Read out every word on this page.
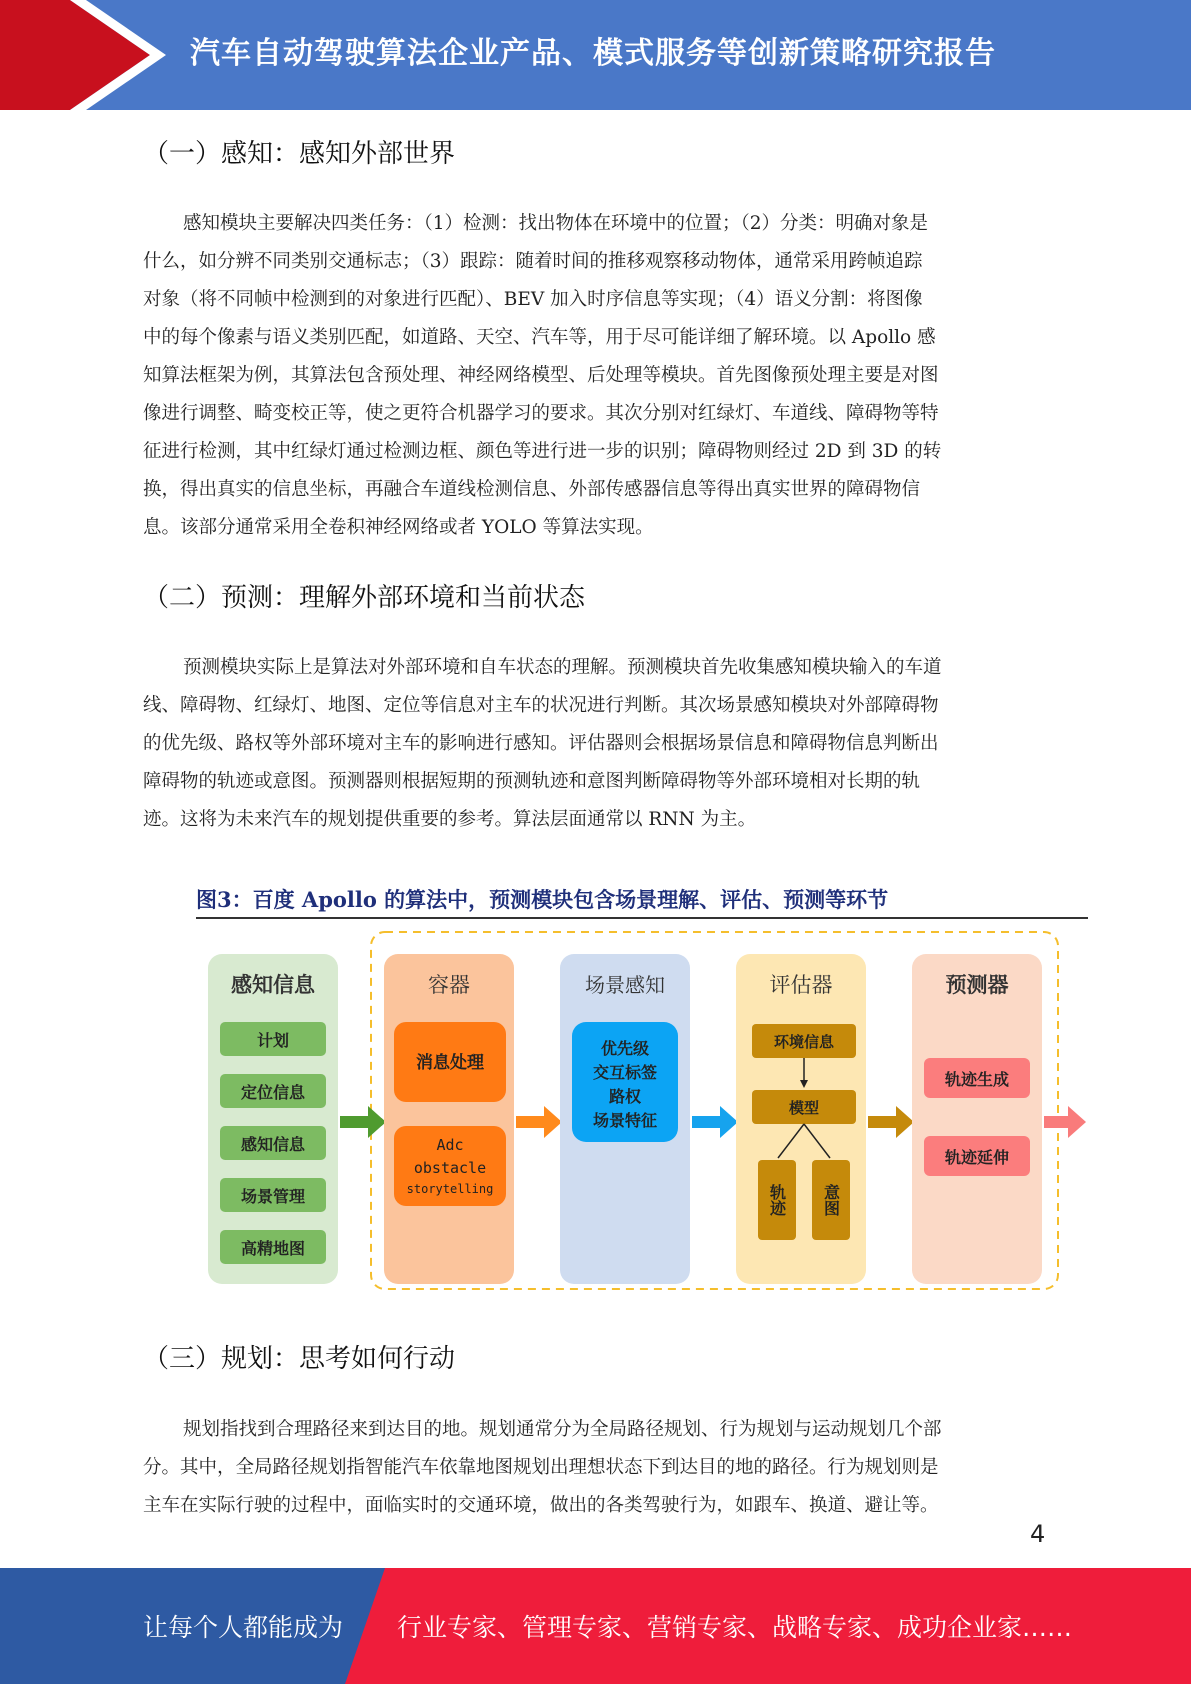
汽车自动驾驶算法企业产品、模式服务等创新策略研究报告
（一）感知：感知外部世界
感知模块主要解决四类任务：（1）检测：找出物体在环境中的位置；（2）分类：明确对象是
什么，如分辨不同类别交通标志；（3）跟踪：随着时间的推移观察移动物体，通常采用跨帧追踪
对象（将不同帧中检测到的对象进行匹配）、BEV 加入时序信息等实现；（4）语义分割：将图像
中的每个像素与语义类别匹配，如道路、天空、汽车等，用于尽可能详细了解环境。以 Apollo 感
知算法框架为例，其算法包含预处理、神经网络模型、后处理等模块。首先图像预处理主要是对图
像进行调整、畸变校正等，使之更符合机器学习的要求。其次分别对红绿灯、车道线、障碍物等特
征进行检测，其中红绿灯通过检测边框、颜色等进行进一步的识别；障碍物则经过 2D 到 3D 的转
换，得出真实的信息坐标，再融合车道线检测信息、外部传感器信息等得出真实世界的障碍物信
息。该部分通常采用全卷积神经网络或者 YOLO 等算法实现。
（二）预测：理解外部环境和当前状态
预测模块实际上是算法对外部环境和自车状态的理解。预测模块首先收集感知模块输入的车道
线、障碍物、红绿灯、地图、定位等信息对主车的状况进行判断。其次场景感知模块对外部障碍物
的优先级、路权等外部环境对主车的影响进行感知。评估器则会根据场景信息和障碍物信息判断出
障碍物的轨迹或意图。预测器则根据短期的预测轨迹和意图判断障碍物等外部环境相对长期的轨
迹。这将为未来汽车的规划提供重要的参考。算法层面通常以 RNN 为主。
图3：百度 Apollo 的算法中，预测模块包含场景理解、评估、预测等环节
感知信息
计划
定位信息
感知信息
场景管理
高精地图
容器
消息处理
Adc
obstacle
storytelling
场景感知
优先级
交互标签
路权
场景特征
评估器
环境信息
模型
轨迹 意图
预测器
轨迹生成
轨迹延伸
（三）规划：思考如何行动
规划指找到合理路径来到达目的地。规划通常分为全局路径规划、行为规划与运动规划几个部
分。其中，全局路径规划指智能汽车依靠地图规划出理想状态下到达目的地的路径。行为规划则是
主车在实际行驶的过程中，面临实时的交通环境，做出的各类驾驶行为，如跟车、换道、避让等。
4
让每个人都能成为 行业专家、管理专家、营销专家、战略专家、成功企业家……
